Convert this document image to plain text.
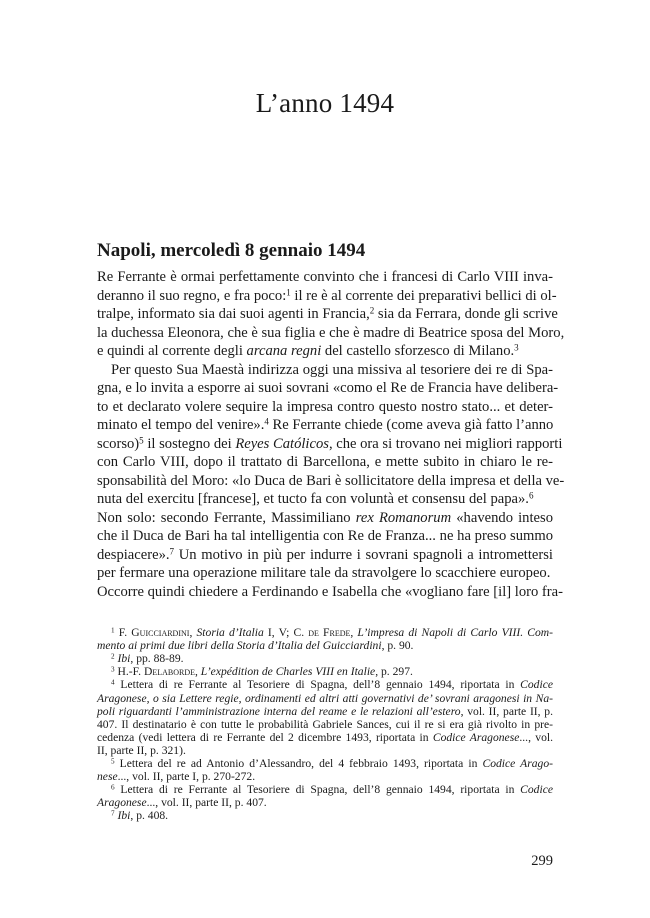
L’anno 1494
Napoli, mercoledì 8 gennaio 1494
Re Ferrante è ormai perfettamente convinto che i francesi di Carlo VIII inva-
deranno il suo regno, e fra poco:$^1$ il re è al corrente dei preparativi bellici di ol-
tralpe, informato sia dai suoi agenti in Francia,$^2$ sia da Ferrara, donde gli scrive
la duchessa Eleonora, che è sua figlia e che è madre di Beatrice sposa del Moro,
e quindi al corrente degli arcana regni del castello sforzesco di Milano.$^3$
Per questo Sua Maestà indirizza oggi una missiva al tesoriere dei re di Spa-
gna, e lo invita a esporre ai suoi sovrani «como el Re de Francia have delibera-
to et declarato volere sequire la impresa contro questo nostro stato... et deter-
minato el tempo del venire».$^4$ Re Ferrante chiede (come aveva già fatto l’anno
scorso)$^5$ il sostegno dei Reyes Católicos, che ora si trovano nei migliori rapporti
con Carlo VIII, dopo il trattato di Barcellona, e mette subito in chiaro le re-
sponsabilità del Moro: «lo Duca de Bari è sollicitatore della impresa et della ve-
nuta del exercitu [francese], et tucto fa con voluntà et consensu del papa».$^6$
Non solo: secondo Ferrante, Massimiliano rex Romanorum «havendo inteso
che il Duca de Bari ha tal intelligentia con Re de Franza... ne ha preso summo
despiacere».$^7$ Un motivo in più per indurre i sovrani spagnoli a intromettersi
per fermare una operazione militare tale da stravolgere lo scacchiere europeo.
Occorre quindi chiedere a Ferdinando e Isabella che «vogliano fare [il] loro fra-
$^1$ F. Guicciardini, Storia d’Italia I, V; C. de Frede, L’impresa di Napoli di Carlo VIII. Com-
mento ai primi due libri della Storia d’Italia del Guicciardini, p. 90.
$^2$ Ibi, pp. 88-89.
$^3$ H.-F. Delaborde, L’expédition de Charles VIII en Italie, p. 297.
$^4$ Lettera di re Ferrante al Tesoriere di Spagna, dell’8 gennaio 1494, riportata in Codice
Aragonese, o sia Lettere regie, ordinamenti ed altri atti governativi de’ sovrani aragonesi in Na-
poli riguardanti l’amministrazione interna del reame e le relazioni all’estero, vol. II, parte II, p.
407. Il destinatario è con tutte le probabilità Gabriele Sances, cui il re si era già rivolto in pre-
cedenza (vedi lettera di re Ferrante del 2 dicembre 1493, riportata in Codice Aragonese..., vol.
II, parte II, p. 321).
$^5$ Lettera del re ad Antonio d’Alessandro, del 4 febbraio 1493, riportata in Codice Arago-
nese..., vol. II, parte I, p. 270-272.
$^6$ Lettera di re Ferrante al Tesoriere di Spagna, dell’8 gennaio 1494, riportata in Codice
Aragonese..., vol. II, parte II, p. 407.
$^7$ Ibi, p. 408.
299
